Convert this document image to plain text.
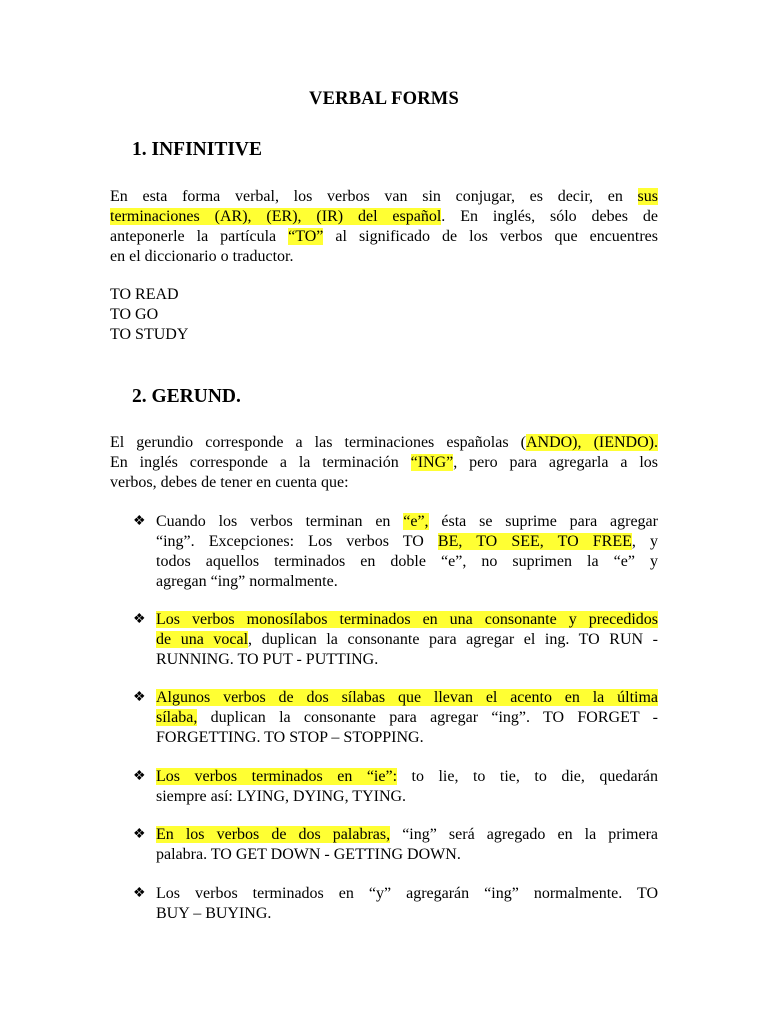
VERBAL FORMS
1. INFINITIVE
En esta forma verbal, los verbos van sin conjugar, es decir, en sus
terminaciones (AR), (ER), (IR) del español. En inglés, sólo debes de
anteponerle la partícula “TO” al significado de los verbos que encuentres
en el diccionario o traductor.
TO READ
TO GO
TO STUDY
2. GERUND.
El gerundio corresponde a las terminaciones españolas (ANDO), (IENDO).
En inglés corresponde a la terminación “ING”, pero para agregarla a los
verbos, debes de tener en cuenta que:
❖ Cuando los verbos terminan en “e”, ésta se suprime para agregar
“ing”. Excepciones: Los verbos TO BE, TO SEE, TO FREE, y
todos aquellos terminados en doble “e”, no suprimen la “e” y
agregan “ing” normalmente.
❖ Los verbos monosílabos terminados en una consonante y precedidos
de una vocal, duplican la consonante para agregar el ing. TO RUN -
RUNNING. TO PUT - PUTTING.
❖ Algunos verbos de dos sílabas que llevan el acento en la última
sílaba, duplican la consonante para agregar “ing”. TO FORGET -
FORGETTING. TO STOP – STOPPING.
❖ Los verbos terminados en “ie”: to lie, to tie, to die, quedarán
siempre así: LYING, DYING, TYING.
❖ En los verbos de dos palabras, “ing” será agregado en la primera
palabra. TO GET DOWN - GETTING DOWN.
❖ Los verbos terminados en “y” agregarán “ing” normalmente. TO
BUY – BUYING.
